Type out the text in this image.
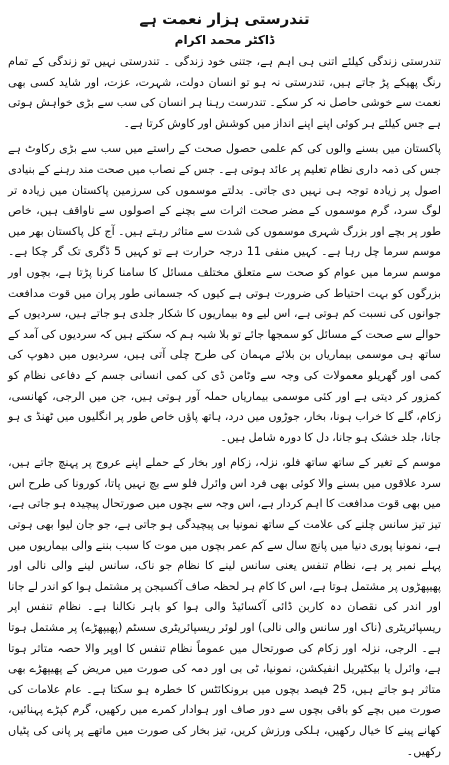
تندرستی ہزار نعمت ہے
ڈاکٹر محمد اکرام

تندرستی زندگی کیلئے اتنی ہی اہم ہے، جتنی خود زندگی ۔ تندرستی نہیں تو زندگی کے تمام رنگ پھیکے پڑ جاتے ہیں، تندرستی نہ ہو تو انسان دولت، شہرت، عزت، اور شاید کسی بھی نعمت سے خوشی حاصل نہ کر سکے۔ تندرست رہنا ہر انسان کی سب سے بڑی خواہش ہوتی ہے جس کیلئے ہر کوئی اپنے اپنے انداز میں کوشش اور کاوش کرتا ہے۔

پاکستان میں بسنے والوں کی کم علمی حصول صحت کے راستے میں سب سے بڑی رکاوٹ ہے جس کی ذمہ داری نظام تعلیم پر عائد ہوتی ہے۔ جس کے نصاب میں صحت مند رہنے کے بنیادی اصول پر زیادہ توجہ ہی نہیں دی جاتی۔ بدلتے موسموں کی سرزمین پاکستان میں زیادہ تر لوگ سرد، گرم موسموں کے مضر صحت اثرات سے بچنے کے اصولوں سے ناواقف ہیں، خاص طور پر بچے اور بزرگ شہری موسموں کی شدت سے متاثر رہتے ہیں۔ آج کل پاکستان بھر میں موسم سرما چل رہا ہے۔ کہیں منفی 11 درجہ حرارت ہے تو کہیں 5 ڈگری تک گر چکا ہے۔ موسم سرما میں عوام کو صحت سے متعلق مختلف مسائل کا سامنا کرنا پڑتا ہے، بچوں اور بزرگوں کو بہت احتیاط کی ضرورت ہوتی ہے کیوں کہ جسمانی طور پران میں قوت مدافعت جوانوں کی نسبت کم ہوتی ہے، اس لیے وہ بیماریوں کا شکار جلدی ہو جاتے ہیں، سردیوں کے حوالے سے صحت کے مسائل کو سمجھا جائے تو بلا شبہ ہم کہ سکتے ہیں کہ سردیوں کی آمد کے ساتھ ہی موسمی بیماریاں بن بلائے مہمان کی طرح چلی آتی ہیں، سردیوں میں دھوپ کی کمی اور گھریلو معمولات کی وجہ سے وٹامن ڈی کی کمی انسانی جسم کے دفاعی نظام کو کمزور کر دیتی ہے اور کئی موسمی بیماریاں حملہ آور ہوتی ہیں، جن میں الرجی، کھانسی، زکام، گلے کا خراب ہونا، بخار، جوڑوں میں درد، ہاتھ پاؤں خاص طور پر انگلیوں میں ٹھنڈ ی ہو جانا، جلد خشک ہو جانا، دل کا دورہ شامل ہیں۔

موسم کے تغیر کے ساتھ ساتھ فلو، نزلہ، زکام اور بخار کے حملے اپنے عروج پر پہنچ جاتے ہیں، سرد علاقوں میں بسنے والا کوئی بھی فرد اس وائرل فلو سے بچ نہیں پاتا، کورونا کی طرح اس میں بھی قوت مدافعت کا اہم کردار ہے، اس وجہ سے بچوں میں صورتحال پیچیدہ ہو جاتی ہے، تیز تیز سانس چلنے کی علامت کے ساتھ نمونیا بی پیچیدگی ہو جاتی ہے، جو جان لیوا بھی ہوتی ہے، نمونیا پوری دنیا میں پانچ سال سے کم عمر بچوں میں موت کا سبب بننے والی بیماریوں میں پہلے نمبر پر ہے، نظام تنفس یعنی سانس لینے کا نظام جو ناک، سانس لینے والی نالی اور پھیپھڑوں پر مشتمل ہوتا ہے، اس کا کام ہر لحظہ صاف آکسیجن پر مشتمل ہوا کو اندر لے جانا اور اندر کی نقصان دہ کاربن ڈائی آکسائیڈ والی ہوا کو باہر نکالنا ہے۔ نظام تنفس اپر ریسپائریٹری (ناک اور سانس والی نالی) اور لوئر ریسپائریٹری سسٹم (پھیپھڑے) پر مشتمل ہوتا ہے۔ الرجی، نزلہ اور زکام کی صورتحال میں عموماً نظام تنفس کا اوپر والا حصہ متاثر ہوتا ہے، وائرل یا بیکٹیریل انفیکشن، نمونیا، ٹی بی اور دمہ کی صورت میں مریض کے پھیپھڑے بھی متاثر ہو جاتے ہیں، 25 فیصد بچوں میں برونکائٹس کا خطرہ ہو سکتا ہے۔ عام علامات کی صورت میں بچے کو باقی بچوں سے دور صاف اور ہوادار کمرے میں رکھیں، گرم کپڑے پہنائیں، کھانے پینے کا خیال رکھیں، ہلکی ورزش کریں، تیز بخار کی صورت میں ماتھے پر پانی کی پٹیاں رکھیں۔
